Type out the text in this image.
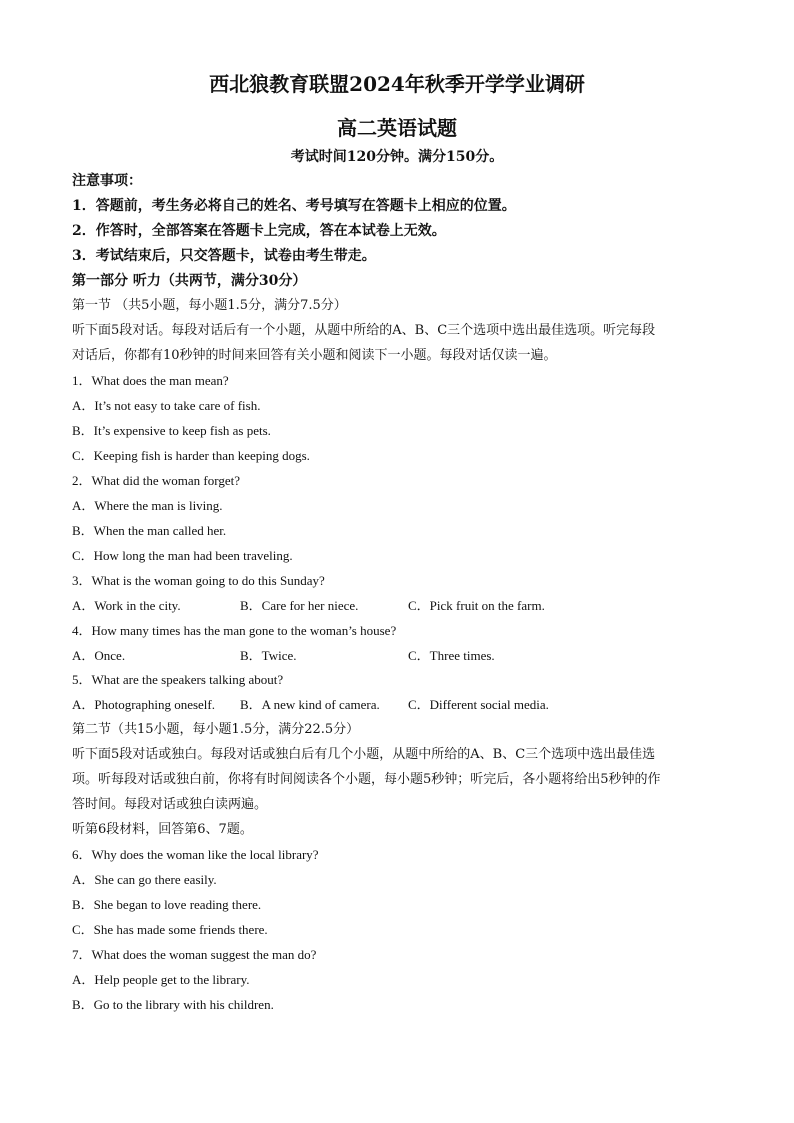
西北狼教育联盟2024年秋季开学学业调研
高二英语试题
考试时间120分钟。满分150分。
注意事项：
1．答题前，考生务必将自己的姓名、考号填写在答题卡上相应的位置。
2．作答时，全部答案在答题卡上完成，答在本试卷上无效。
3．考试结束后，只交答题卡，试卷由考生带走。
第一部分 听力（共两节，满分30分）
第一节 （共5小题，每小题1.5分，满分7.5分）
听下面5段对话。每段对话后有一个小题，从题中所给的A、B、C三个选项中选出最佳选项。听完每段
对话后，你都有10秒钟的时间来回答有关小题和阅读下一小题。每段对话仅读一遍。
1．What does the man mean?
A．It’s not easy to take care of fish.
B．It’s expensive to keep fish as pets.
C．Keeping fish is harder than keeping dogs.
2．What did the woman forget?
A．Where the man is living.
B．When the man called her.
C．How long the man had been traveling.
3．What is the woman going to do this Sunday?
A．Work in the city.	B．Care for her niece.	C．Pick fruit on the farm.
4．How many times has the man gone to the woman’s house?
A．Once.	B．Twice.	C．Three times.
5．What are the speakers talking about?
A．Photographing oneself. B．A new kind of camera. C．Different social media.
第二节（共15小题，每小题1.5分，满分22.5分）
听下面5段对话或独白。每段对话或独白后有几个小题，从题中所给的A、B、C三个选项中选出最佳选
项。听每段对话或独白前，你将有时间阅读各个小题，每小题5秒钟；听完后，各小题将给出5秒钟的作
答时间。每段对话或独白读两遍。
听第6段材料，回答第6、7题。
6．Why does the woman like the local library?
A．She can go there easily.
B．She began to love reading there.
C．She has made some friends there.
7．What does the woman suggest the man do?
A．Help people get to the library.
B．Go to the library with his children.
